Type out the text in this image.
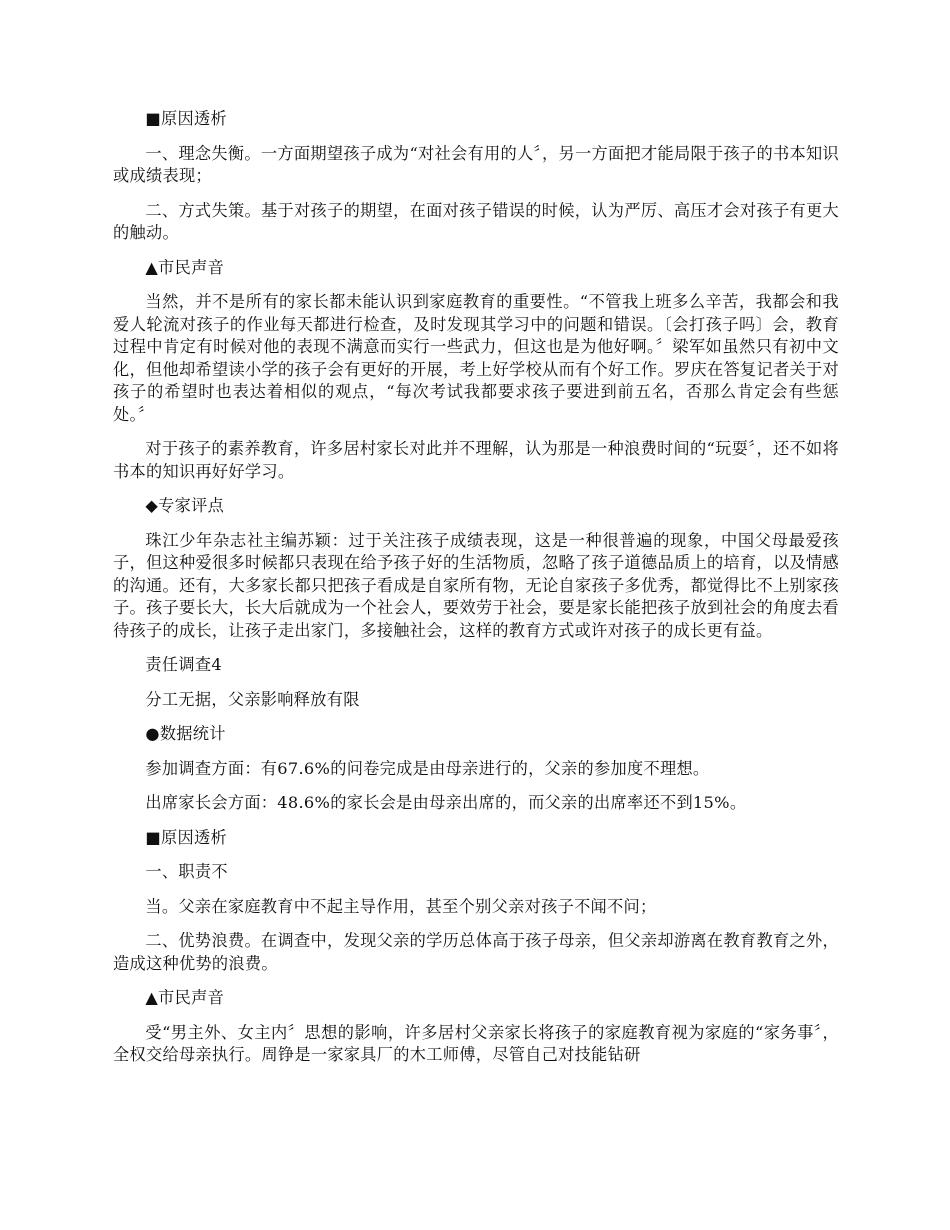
■原因透析

一、理念失衡。一方面期望孩子成为“对社会有用的人〞，另一方面把才能局限于孩子的书本知识或成绩表现；

二、方式失策。基于对孩子的期望，在面对孩子错误的时候，认为严厉、高压才会对孩子有更大的触动。

▲市民声音

当然，并不是所有的家长都未能认识到家庭教育的重要性。“不管我上班多么辛苦，我都会和我爱人轮流对孩子的作业每天都进行检查，及时发现其学习中的问题和错误。〔会打孩子吗〕会，教育过程中肯定有时候对他的表现不满意而实行一些武力，但这也是为他好啊。〞梁军如虽然只有初中文化，但他却希望读小学的孩子会有更好的开展，考上好学校从而有个好工作。罗庆在答复记者关于对孩子的希望时也表达着相似的观点，“每次考试我都要求孩子要进到前五名，否那么肯定会有些惩处。〞

对于孩子的素养教育，许多居村家长对此并不理解，认为那是一种浪费时间的“玩耍〞，还不如将书本的知识再好好学习。

◆专家评点

珠江少年杂志社主编苏颖：过于关注孩子成绩表现，这是一种很普遍的现象，中国父母最爱孩子，但这种爱很多时候都只表现在给予孩子好的生活物质，忽略了孩子道德品质上的培育，以及情感的沟通。还有，大多家长都只把孩子看成是自家所有物，无论自家孩子多优秀，都觉得比不上别家孩子。孩子要长大，长大后就成为一个社会人，要效劳于社会，要是家长能把孩子放到社会的角度去看待孩子的成长，让孩子走出家门，多接触社会，这样的教育方式或许对孩子的成长更有益。

责任调查4

分工无据，父亲影响释放有限

●数据统计

参加调查方面：有67.6%的问卷完成是由母亲进行的，父亲的参加度不理想。

出席家长会方面：48.6%的家长会是由母亲出席的，而父亲的出席率还不到15%。

■原因透析

一、职责不

当。父亲在家庭教育中不起主导作用，甚至个别父亲对孩子不闻不问；

二、优势浪费。在调查中，发现父亲的学历总体高于孩子母亲，但父亲却游离在教育教育之外，造成这种优势的浪费。

▲市民声音

受“男主外、女主内〞思想的影响，许多居村父亲家长将孩子的家庭教育视为家庭的“家务事〞，全权交给母亲执行。周铮是一家家具厂的木工师傅，尽管自己对技能钻研
